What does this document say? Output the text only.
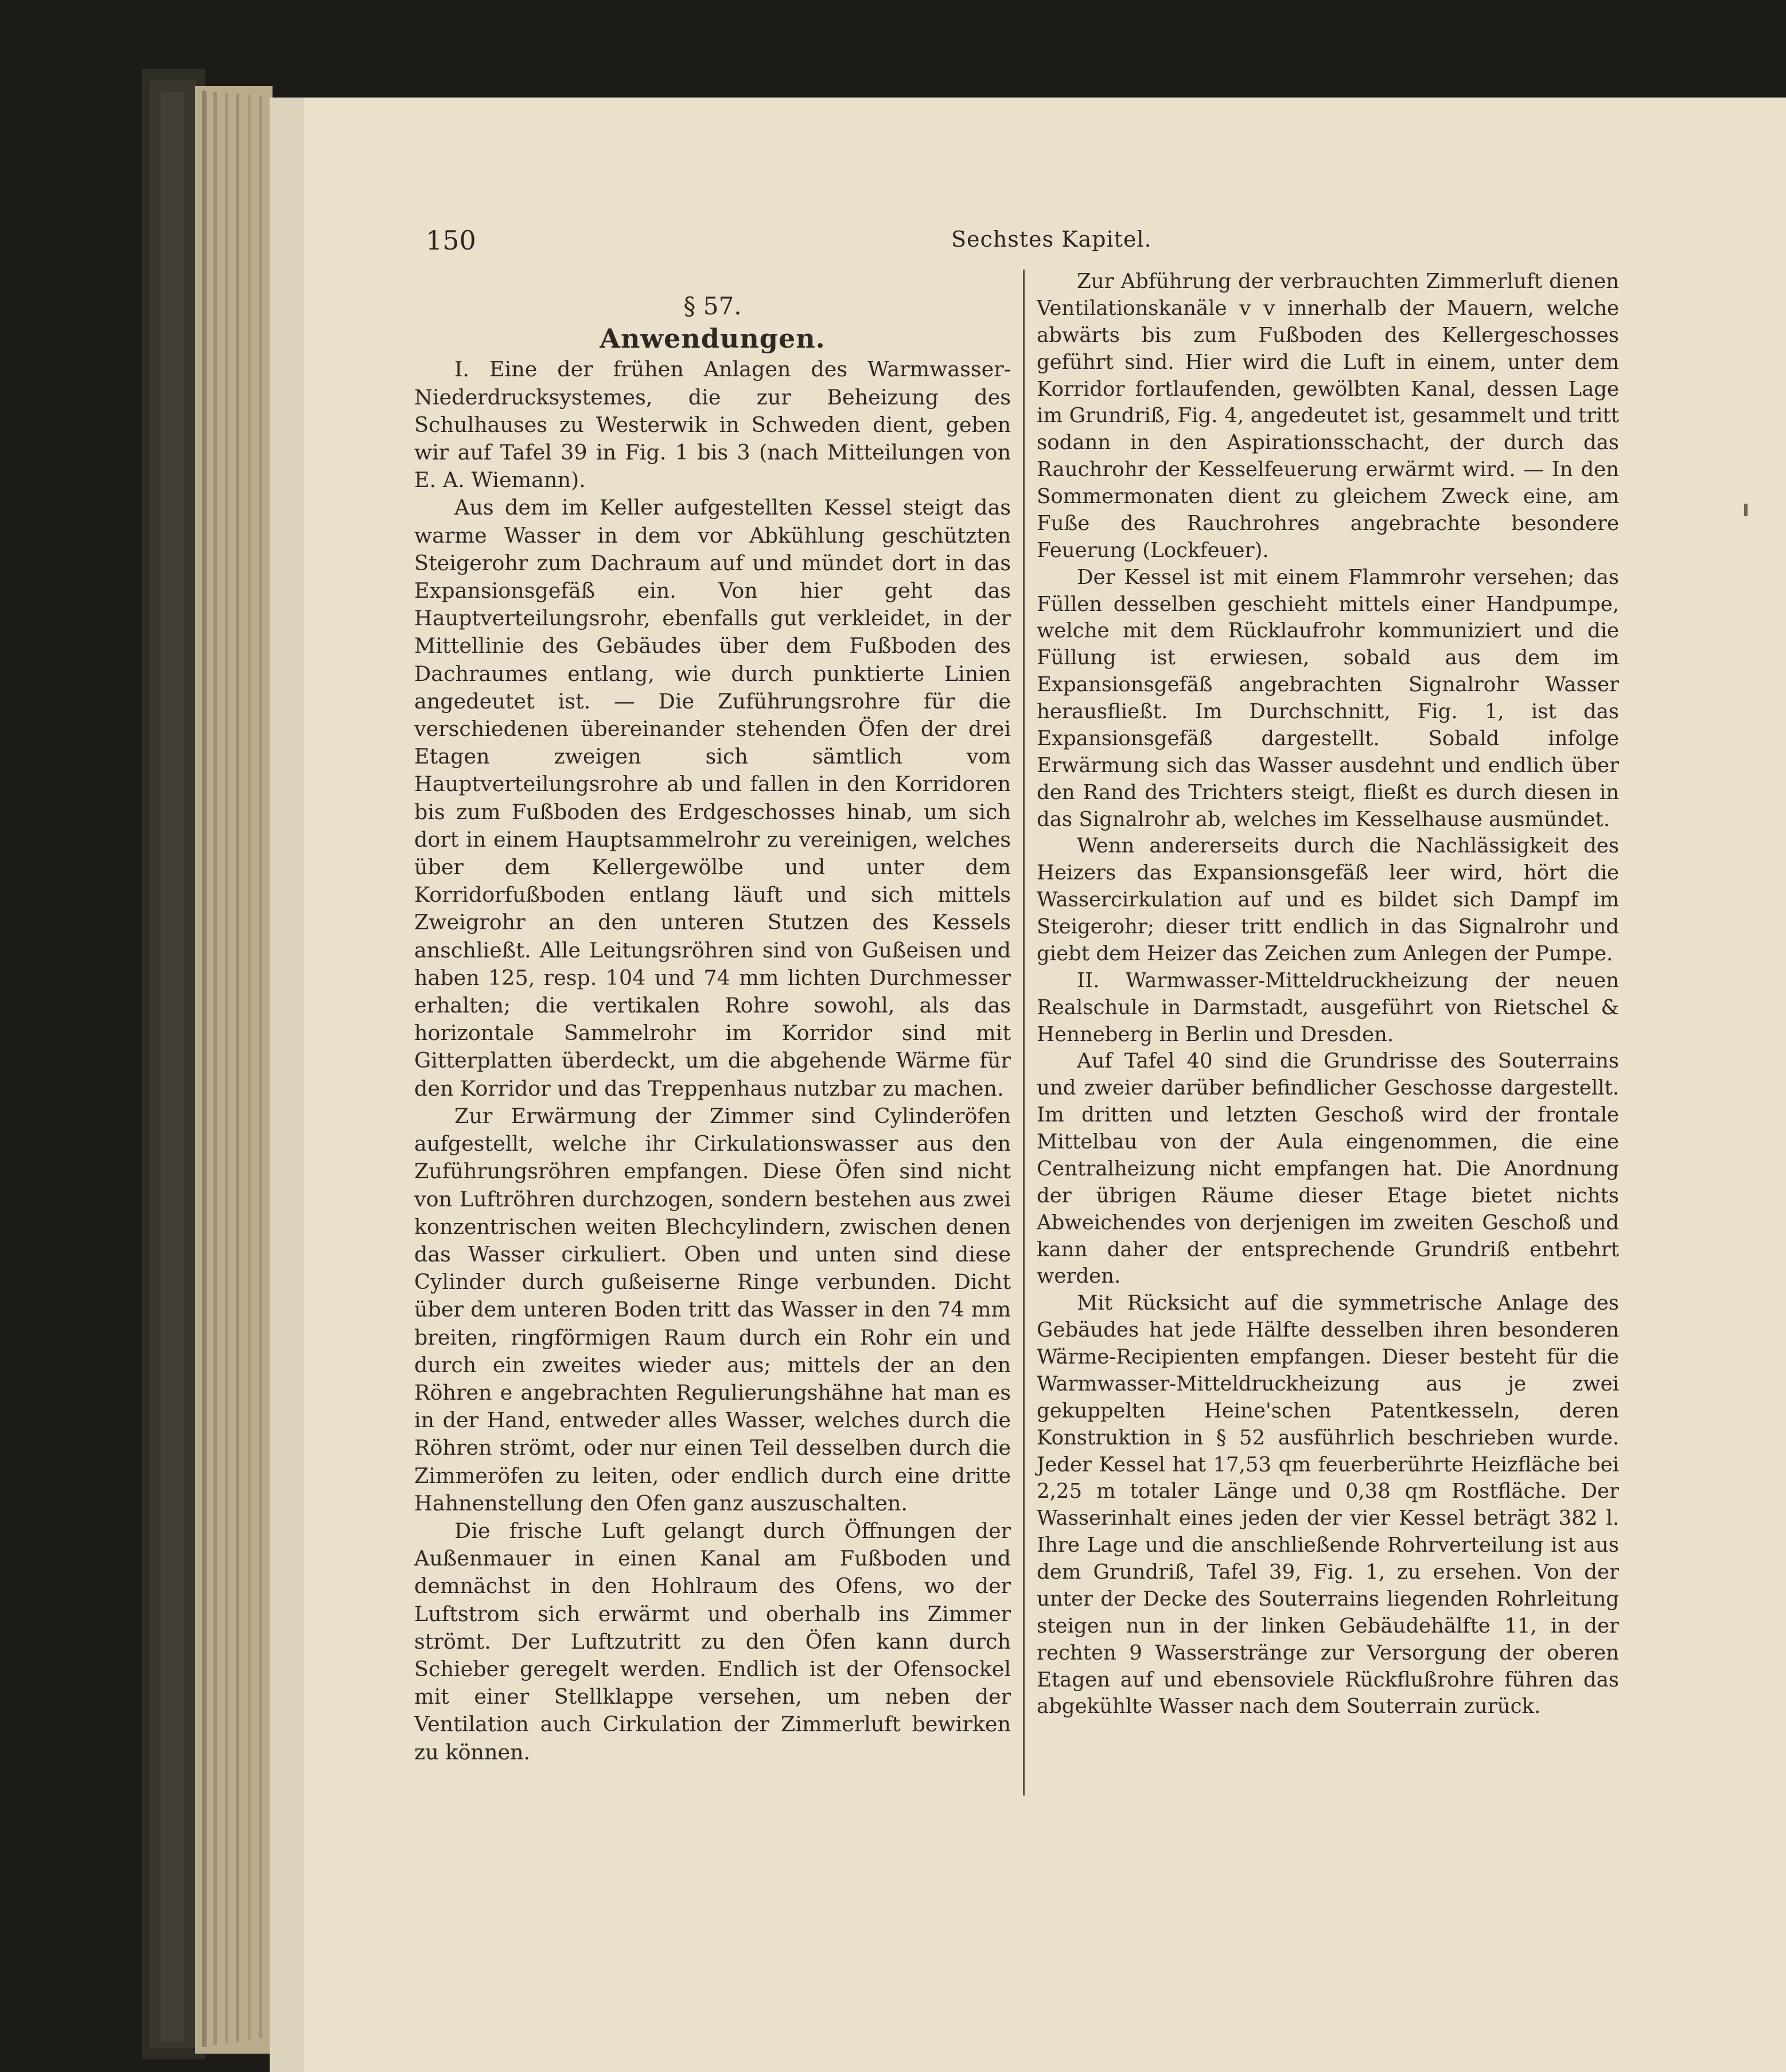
150	Sechstes Kapitel.

§ 57.

Anwendungen.

I. Eine der frühen Anlagen des Warmwasser-Niederdrucksystemes, die zur Beheizung des Schulhauses zu Westerwik in Schweden dient, geben wir auf Tafel 39 in Fig. 1 bis 3 (nach Mitteilungen von E. A. Wiemann).

Aus dem im Keller aufgestellten Kessel steigt das warme Wasser in dem vor Abkühlung geschützten Steigerohr zum Dachraum auf und mündet dort in das Expansionsgefäß ein. Von hier geht das Hauptverteilungsrohr, ebenfalls gut verkleidet, in der Mittellinie des Gebäudes über dem Fußboden des Dachraumes entlang, wie durch punktierte Linien angedeutet ist. — Die Zuführungsrohre für die verschiedenen übereinander stehenden Öfen der drei Etagen zweigen sich sämtlich vom Hauptverteilungsrohre ab und fallen in den Korridoren bis zum Fußboden des Erdgeschosses hinab, um sich dort in einem Hauptsammelrohr zu vereinigen, welches über dem Kellergewölbe und unter dem Korridorfußboden entlang läuft und sich mittels Zweigrohr an den unteren Stutzen des Kessels anschließt. Alle Leitungsröhren sind von Gußeisen und haben 125, resp. 104 und 74 mm lichten Durchmesser erhalten; die vertikalen Rohre sowohl, als das horizontale Sammelrohr im Korridor sind mit Gitterplatten überdeckt, um die abgehende Wärme für den Korridor und das Treppenhaus nutzbar zu machen.

Zur Erwärmung der Zimmer sind Cylinderöfen aufgestellt, welche ihr Cirkulationswasser aus den Zuführungsröhren empfangen. Diese Öfen sind nicht von Luftröhren durchzogen, sondern bestehen aus zwei konzentrischen weiten Blechcylindern, zwischen denen das Wasser cirkuliert. Oben und unten sind diese Cylinder durch gußeiserne Ringe verbunden. Dicht über dem unteren Boden tritt das Wasser in den 74 mm breiten, ringförmigen Raum durch ein Rohr ein und durch ein zweites wieder aus; mittels der an den Röhren e angebrachten Regulierungshähne hat man es in der Hand, entweder alles Wasser, welches durch die Röhren strömt, oder nur einen Teil desselben durch die Zimmeröfen zu leiten, oder endlich durch eine dritte Hahnenstellung den Ofen ganz auszuschalten.

Die frische Luft gelangt durch Öffnungen der Außenmauer in einen Kanal am Fußboden und demnächst in den Hohlraum des Ofens, wo der Luftstrom sich erwärmt und oberhalb ins Zimmer strömt. Der Luftzutritt zu den Öfen kann durch Schieber geregelt werden. Endlich ist der Ofensockel mit einer Stellklappe versehen, um neben der Ventilation auch Cirkulation der Zimmerluft bewirken zu können.

Zur Abführung der verbrauchten Zimmerluft dienen Ventilationskanäle v v innerhalb der Mauern, welche abwärts bis zum Fußboden des Kellergeschosses geführt sind. Hier wird die Luft in einem, unter dem Korridor fortlaufenden, gewölbten Kanal, dessen Lage im Grundriß, Fig. 4, angedeutet ist, gesammelt und tritt sodann in den Aspirationsschacht, der durch das Rauchrohr der Kesselfeuerung erwärmt wird. — In den Sommermonaten dient zu gleichem Zweck eine, am Fuße des Rauchrohres angebrachte besondere Feuerung (Lockfeuer).

Der Kessel ist mit einem Flammrohr versehen; das Füllen desselben geschieht mittels einer Handpumpe, welche mit dem Rücklaufrohr kommuniziert und die Füllung ist erwiesen, sobald aus dem im Expansionsgefäß angebrachten Signalrohr Wasser herausfließt. Im Durchschnitt, Fig. 1, ist das Expansionsgefäß dargestellt. Sobald infolge Erwärmung sich das Wasser ausdehnt und endlich über den Rand des Trichters steigt, fließt es durch diesen in das Signalrohr ab, welches im Kesselhause ausmündet.

Wenn andererseits durch die Nachlässigkeit des Heizers das Expansionsgefäß leer wird, hört die Wassercirkulation auf und es bildet sich Dampf im Steigerohr; dieser tritt endlich in das Signalrohr und giebt dem Heizer das Zeichen zum Anlegen der Pumpe.

II. Warmwasser-Mitteldruckheizung der neuen Realschule in Darmstadt, ausgeführt von Rietschel & Henneberg in Berlin und Dresden.

Auf Tafel 40 sind die Grundrisse des Souterrains und zweier darüber befindlicher Geschosse dargestellt. Im dritten und letzten Geschoß wird der frontale Mittelbau von der Aula eingenommen, die eine Centralheizung nicht empfangen hat. Die Anordnung der übrigen Räume dieser Etage bietet nichts Abweichendes von derjenigen im zweiten Geschoß und kann daher der entsprechende Grundriß entbehrt werden.

Mit Rücksicht auf die symmetrische Anlage des Gebäudes hat jede Hälfte desselben ihren besonderen Wärme-Recipienten empfangen. Dieser besteht für die Warmwasser-Mitteldruckheizung aus je zwei gekuppelten Heine'schen Patentkesseln, deren Konstruktion in § 52 ausführlich beschrieben wurde. Jeder Kessel hat 17,53 qm feuerberührte Heizfläche bei 2,25 m totaler Länge und 0,38 qm Rostfläche. Der Wasserinhalt eines jeden der vier Kessel beträgt 382 l. Ihre Lage und die anschließende Rohrverteilung ist aus dem Grundriß, Tafel 39, Fig. 1, zu ersehen. Von der unter der Decke des Souterrains liegenden Rohrleitung steigen nun in der linken Gebäudehälfte 11, in der rechten 9 Wasserstränge zur Versorgung der oberen Etagen auf und ebensoviele Rückflußrohre führen das abgekühlte Wasser nach dem Souterrain zurück.
